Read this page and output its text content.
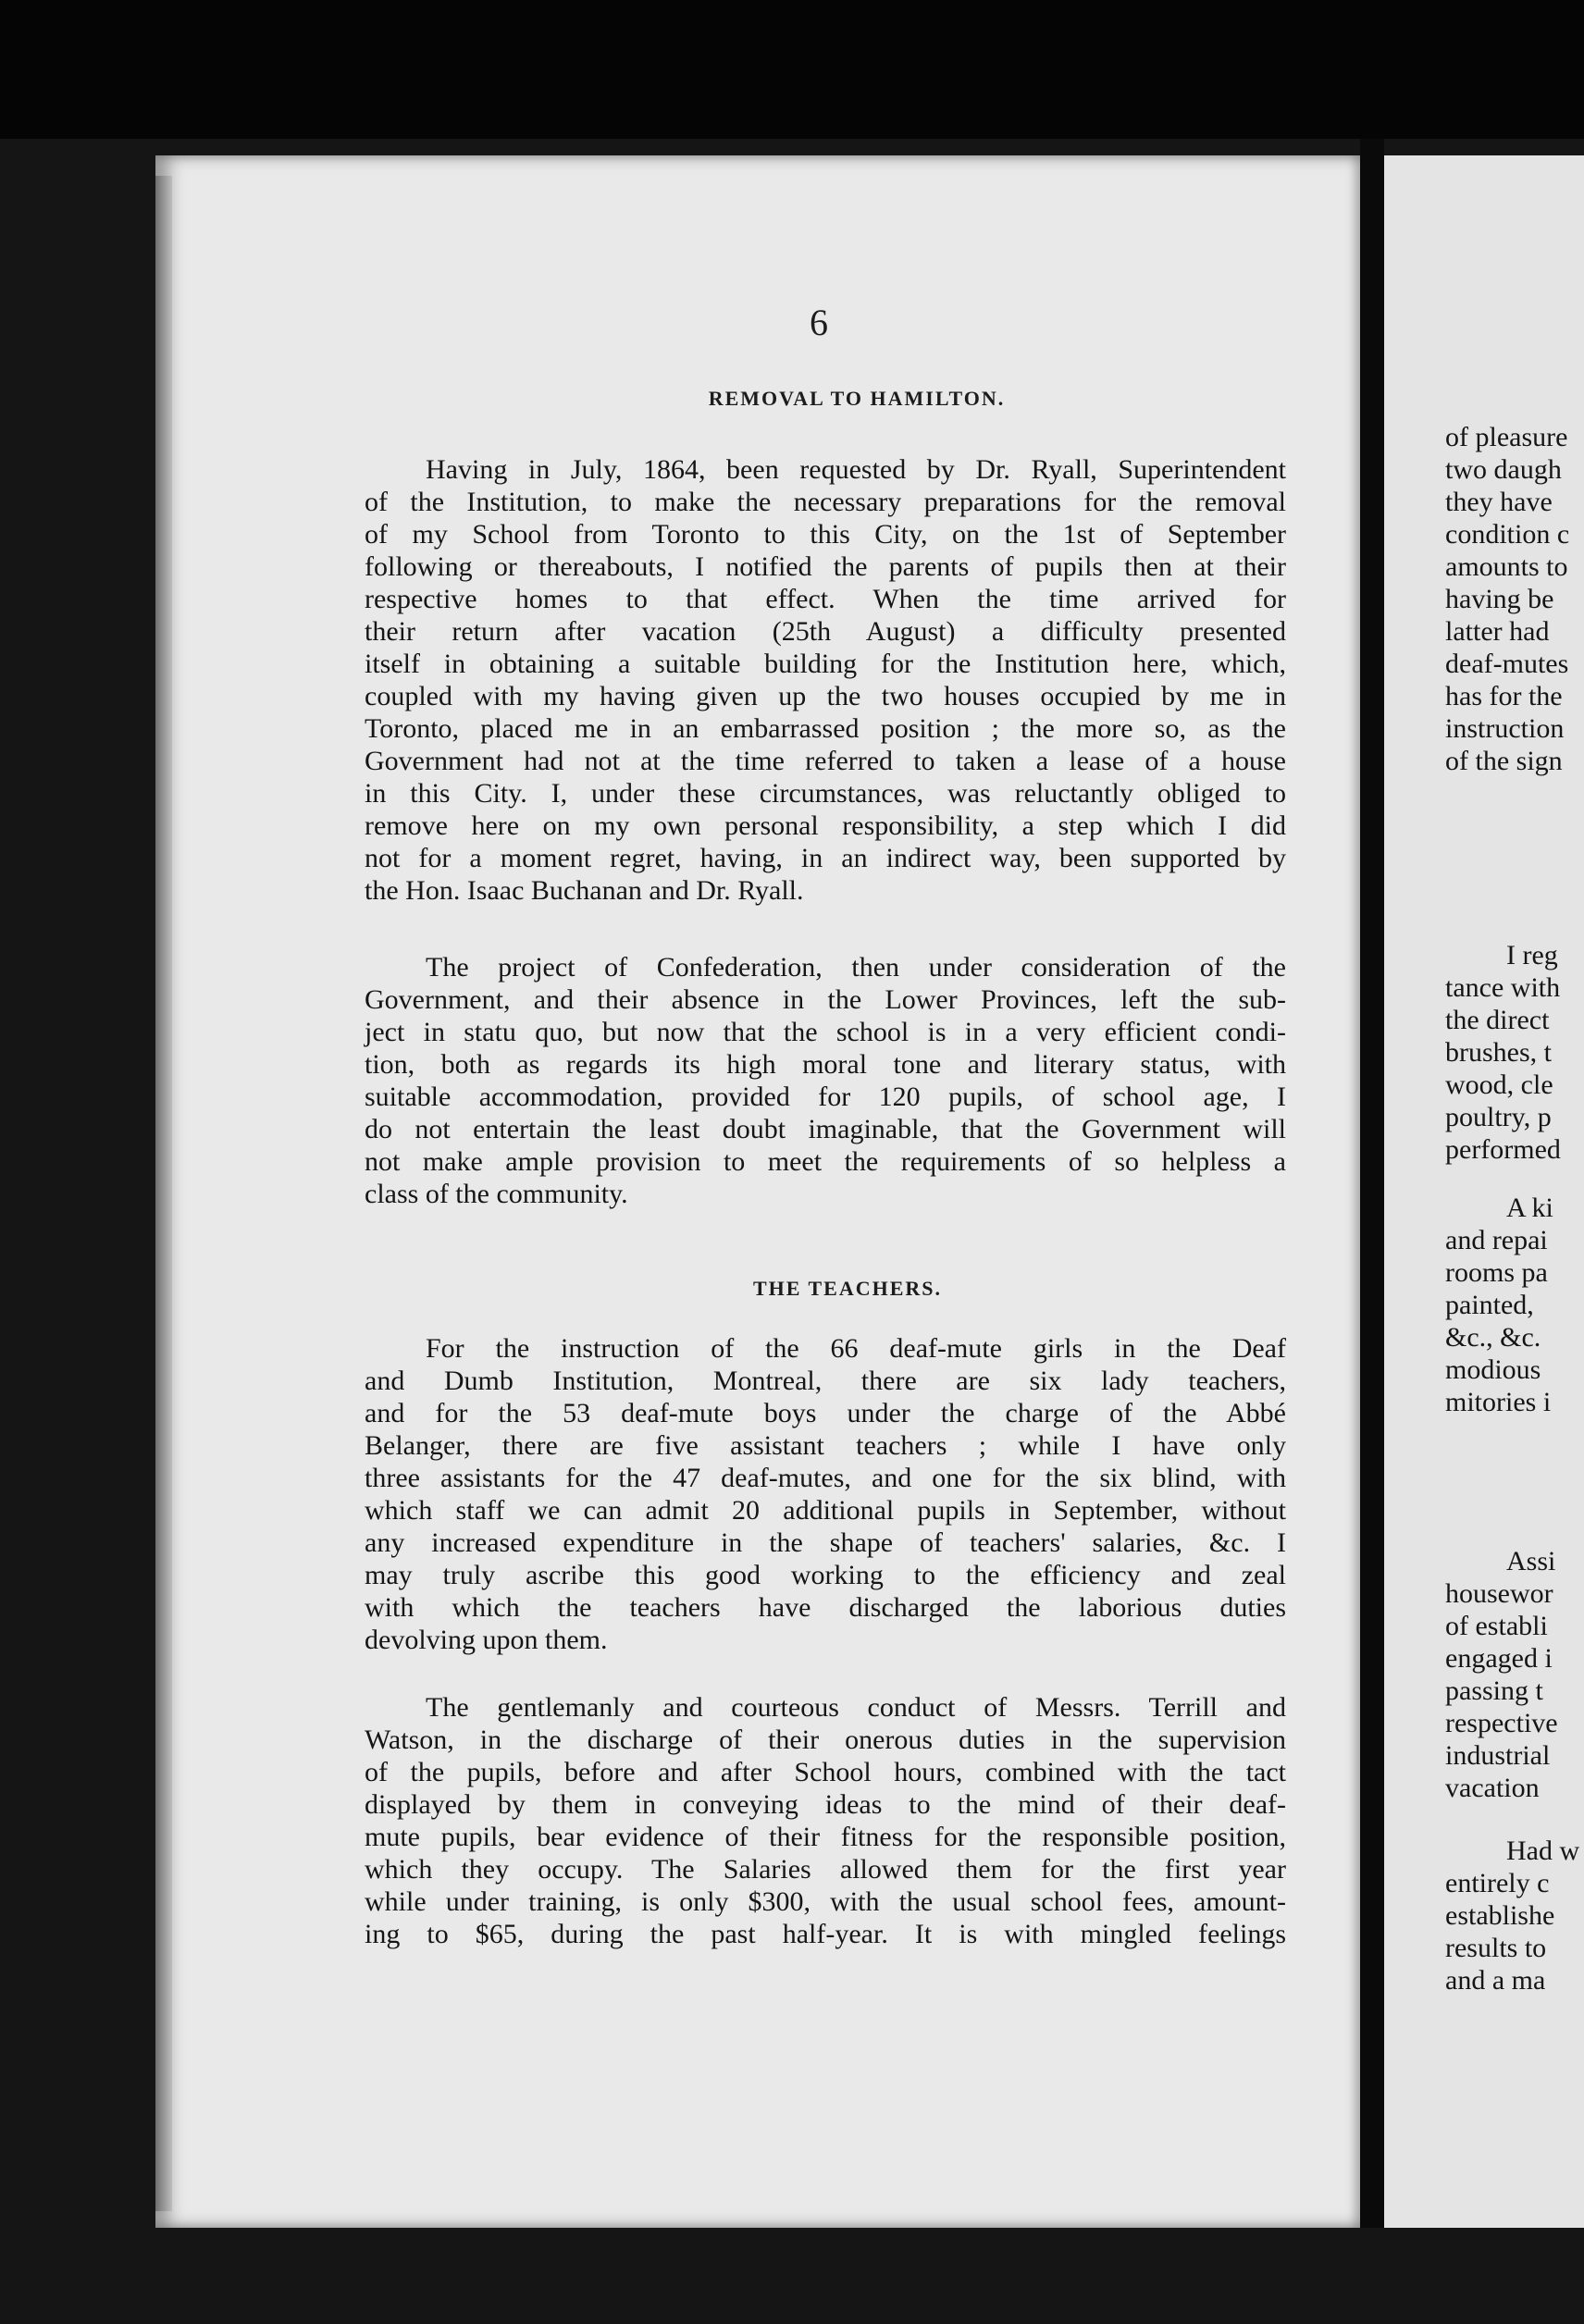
6
REMOVAL TO HAMILTON.
Having in July, 1864, been requested by Dr. Ryall, Superintendent
of the Institution, to make the necessary preparations for the removal
of my School from Toronto to this City, on the 1st of September
following or thereabouts, I notified the parents of pupils then at their
respective homes to that effect. When the time arrived for
their return after vacation (25th August) a difficulty presented
itself in obtaining a suitable building for the Institution here, which,
coupled with my having given up the two houses occupied by me in
Toronto, placed me in an embarrassed position ; the more so, as the
Government had not at the time referred to taken a lease of a house
in this City. I, under these circumstances, was reluctantly obliged to
remove here on my own personal responsibility, a step which I did
not for a moment regret, having, in an indirect way, been supported by
the Hon. Isaac Buchanan and Dr. Ryall.
The project of Confederation, then under consideration of the
Government, and their absence in the Lower Provinces, left the sub-
ject in statu quo, but now that the school is in a very efficient condi-
tion, both as regards its high moral tone and literary status, with
suitable accommodation, provided for 120 pupils, of school age, I
do not entertain the least doubt imaginable, that the Government will
not make ample provision to meet the requirements of so helpless a
class of the community.
THE TEACHERS.
For the instruction of the 66 deaf-mute girls in the Deaf
and Dumb Institution, Montreal, there are six lady teachers,
and for the 53 deaf-mute boys under the charge of the Abbé
Belanger, there are five assistant teachers ; while I have only
three assistants for the 47 deaf-mutes, and one for the six blind, with
which staff we can admit 20 additional pupils in September, without
any increased expenditure in the shape of teachers' salaries, &c. I
may truly ascribe this good working to the efficiency and zeal
with which the teachers have discharged the laborious duties
devolving upon them.
The gentlemanly and courteous conduct of Messrs. Terrill and
Watson, in the discharge of their onerous duties in the supervision
of the pupils, before and after School hours, combined with the tact
displayed by them in conveying ideas to the mind of their deaf-
mute pupils, bear evidence of their fitness for the responsible position,
which they occupy. The Salaries allowed them for the first year
while under training, is only $300, with the usual school fees, amount-
ing to $65, during the past half-year. It is with mingled feelings
of pleasure
two daugh
they have
condition c
amounts to
having be
latter had
deaf-mutes
has for the
instruction
of the sign
I reg
tance with
the direct
brushes, t
wood, cle
poultry, p
performed
A ki
and repai
rooms pa
painted,
&c., &c.
modious
mitories i
Assi
housewor
of establi
engaged i
passing t
respective
industrial
vacation
Had w
entirely c
establishe
results to
and a ma
